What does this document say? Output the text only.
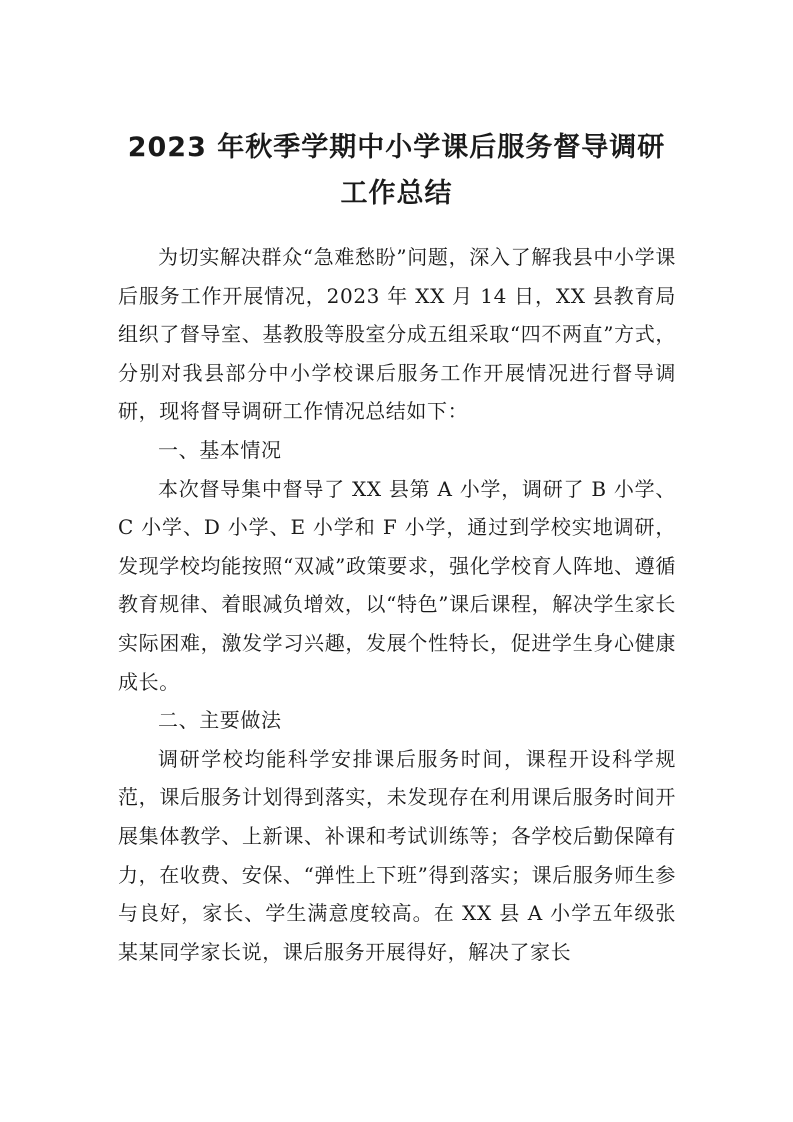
2023 年秋季学期中小学课后服务督导调研
工作总结

为切实解决群众“急难愁盼”问题，深入了解我县中小学课后服务工作开展情况，2023 年 XX 月 14 日，XX 县教育局组织了督导室、基教股等股室分成五组采取“四不两直”方式，分别对我县部分中小学校课后服务工作开展情况进行督导调研，现将督导调研工作情况总结如下：

一、基本情况

本次督导集中督导了 XX 县第 A 小学，调研了 B 小学、C 小学、D 小学、E 小学和 F 小学，通过到学校实地调研，发现学校均能按照“双减”政策要求，强化学校育人阵地、遵循教育规律、着眼减负增效，以“特色”课后课程，解决学生家长实际困难，激发学习兴趣，发展个性特长，促进学生身心健康成长。

二、主要做法

调研学校均能科学安排课后服务时间，课程开设科学规范，课后服务计划得到落实，未发现存在利用课后服务时间开展集体教学、上新课、补课和考试训练等；各学校后勤保障有力，在收费、安保、“弹性上下班”得到落实；课后服务师生参与良好，家长、学生满意度较高。在 XX 县 A 小学五年级张某某同学家长说，课后服务开展得好，解决了家长
